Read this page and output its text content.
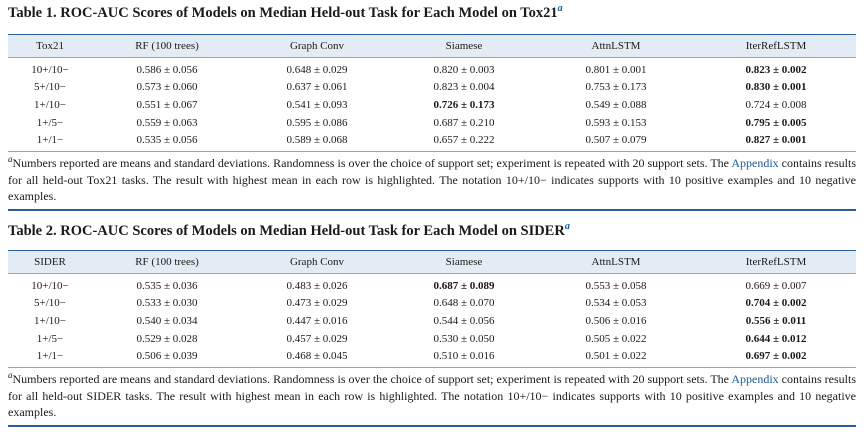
Table 1. ROC-AUC Scores of Models on Median Held-out Task for Each Model on Tox21$^a$
Tox21	RF (100 trees)	Graph Conv	Siamese	AttnLSTM	IterRefLSTM
10+/10−	0.586 ± 0.056	0.648 ± 0.029	0.820 ± 0.003	0.801 ± 0.001	0.823 ± 0.002
5+/10−	0.573 ± 0.060	0.637 ± 0.061	0.823 ± 0.004	0.753 ± 0.173	0.830 ± 0.001
1+/10−	0.551 ± 0.067	0.541 ± 0.093	0.726 ± 0.173	0.549 ± 0.088	0.724 ± 0.008
1+/5−	0.559 ± 0.063	0.595 ± 0.086	0.687 ± 0.210	0.593 ± 0.153	0.795 ± 0.005
1+/1−	0.535 ± 0.056	0.589 ± 0.068	0.657 ± 0.222	0.507 ± 0.079	0.827 ± 0.001
$^a$Numbers reported are means and standard deviations. Randomness is over the choice of support set; experiment is repeated with 20 support sets. The Appendix contains results for all held-out Tox21 tasks. The result with highest mean in each row is highlighted. The notation 10+/10− indicates supports with 10 positive examples and 10 negative examples.
Table 2. ROC-AUC Scores of Models on Median Held-out Task for Each Model on SIDER$^a$
SIDER	RF (100 trees)	Graph Conv	Siamese	AttnLSTM	IterRefLSTM
10+/10−	0.535 ± 0.036	0.483 ± 0.026	0.687 ± 0.089	0.553 ± 0.058	0.669 ± 0.007
5+/10−	0.533 ± 0.030	0.473 ± 0.029	0.648 ± 0.070	0.534 ± 0.053	0.704 ± 0.002
1+/10−	0.540 ± 0.034	0.447 ± 0.016	0.544 ± 0.056	0.506 ± 0.016	0.556 ± 0.011
1+/5−	0.529 ± 0.028	0.457 ± 0.029	0.530 ± 0.050	0.505 ± 0.022	0.644 ± 0.012
1+/1−	0.506 ± 0.039	0.468 ± 0.045	0.510 ± 0.016	0.501 ± 0.022	0.697 ± 0.002
$^a$Numbers reported are means and standard deviations. Randomness is over the choice of support set; experiment is repeated with 20 support sets. The Appendix contains results for all held-out SIDER tasks. The result with highest mean in each row is highlighted. The notation 10+/10− indicates supports with 10 positive examples and 10 negative examples.
